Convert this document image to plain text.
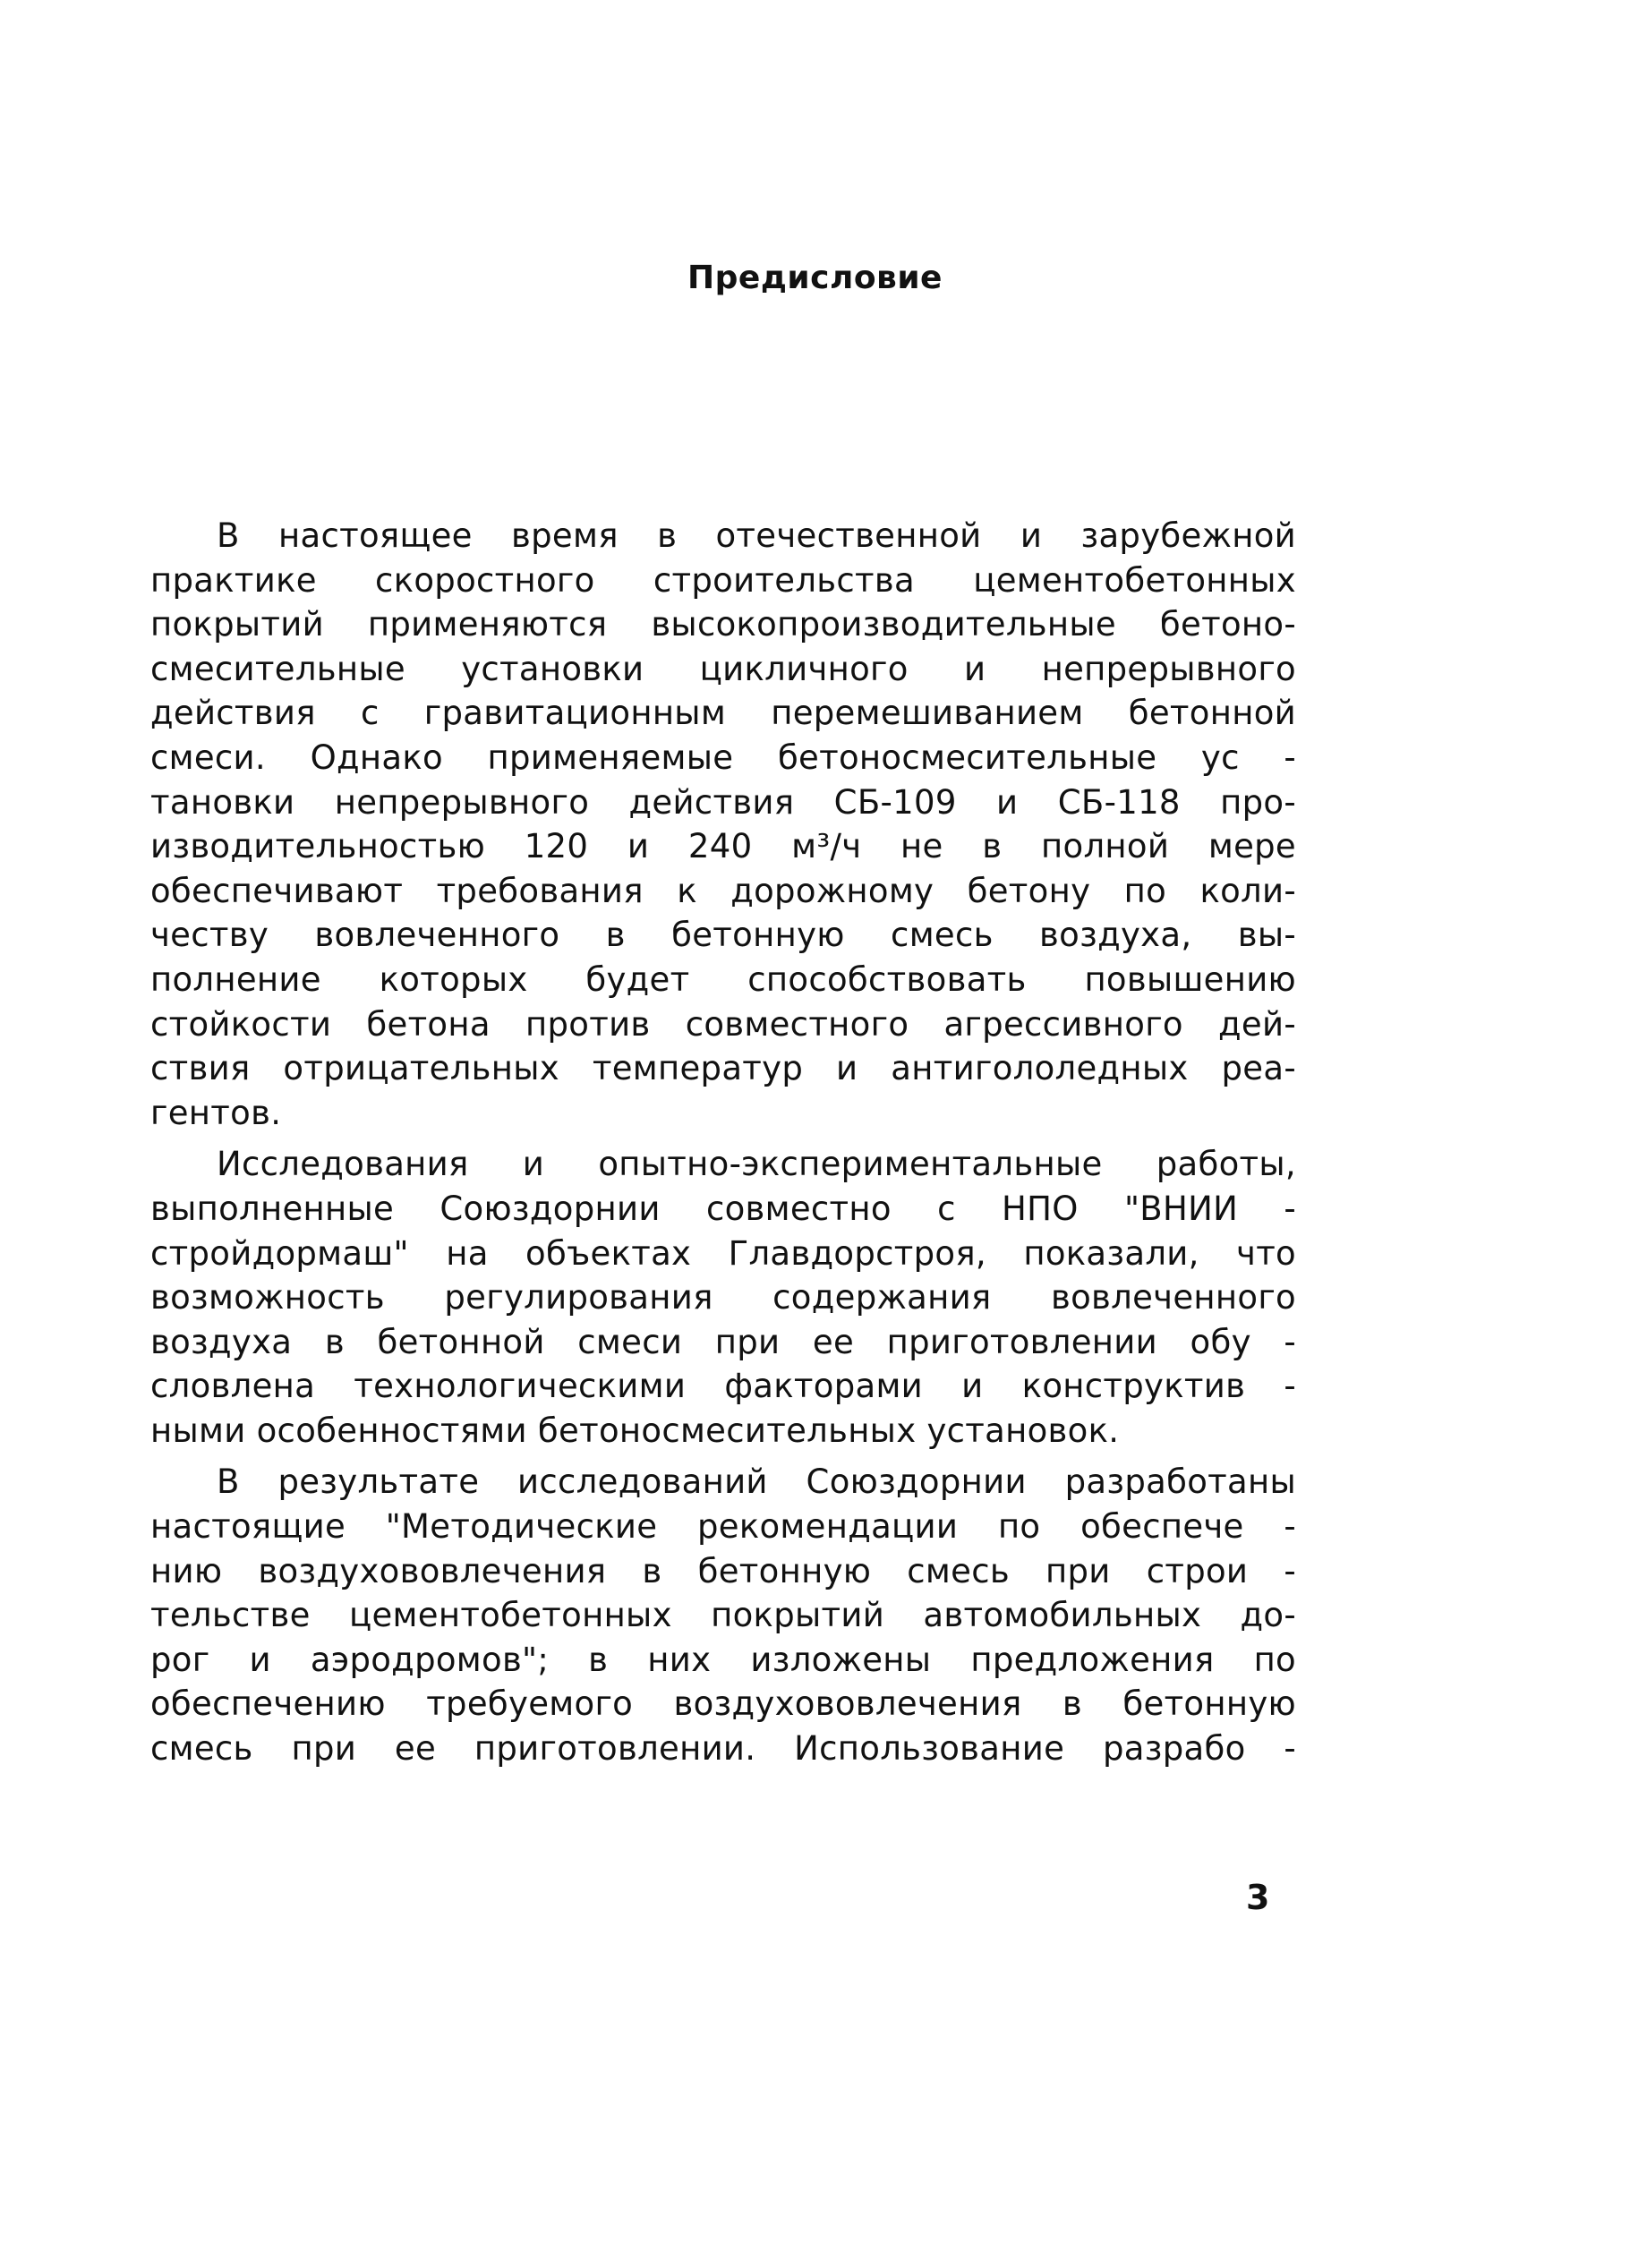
Предисловие
В настоящее время в отечественной и зарубежной
практике скоростного строительства цементобетонных
покрытий применяются высокопроизводительные бетоно-
смесительные установки цикличного и непрерывного
действия с гравитационным перемешиванием бетонной
смеси. Однако применяемые бетоносмесительные ус -
тановки непрерывного действия СБ-109 и СБ-118 про-
изводительностью 120 и 240 м³/ч не в полной мере
обеспечивают требования к дорожному бетону по коли-
честву вовлеченного в бетонную смесь воздуха, вы-
полнение которых будет способствовать повышению
стойкости бетона против совместного агрессивного дей-
ствия отрицательных температур и антигололедных реа-
гентов.
Исследования и опытно-экспериментальные работы,
выполненные Союздорнии совместно с НПО "ВНИИ -
стройдормаш" на объектах Главдорстроя, показали, что
возможность регулирования содержания вовлеченного
воздуха в бетонной смеси при ее приготовлении обу -
словлена технологическими факторами и конструктив -
ными особенностями бетоносмесительных установок.
В результате исследований Союздорнии разработаны
настоящие "Методические рекомендации по обеспече -
нию воздухововлечения в бетонную смесь при строи -
тельстве цементобетонных покрытий автомобильных до-
рог и аэродромов"; в них изложены предложения по
обеспечению требуемого воздухововлечения в бетонную
смесь при ее приготовлении. Использование разрабо -

3
